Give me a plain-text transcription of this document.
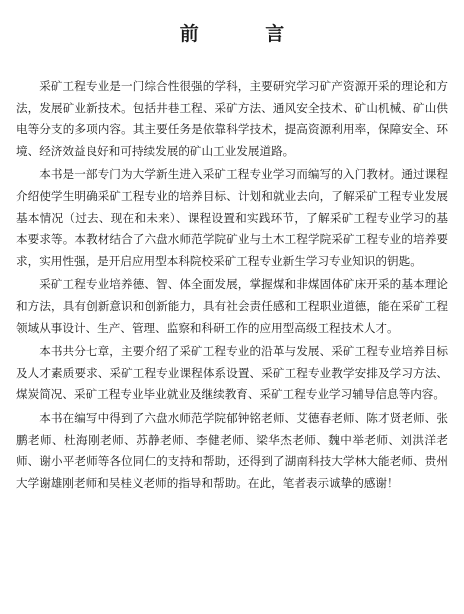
前 言

采矿工程专业是一门综合性很强的学科，主要研究学习矿产资源开采的理论和方法，发展矿业新技术。包括井巷工程、采矿方法、通风安全技术、矿山机械、矿山供电等分支的多项内容。其主要任务是依靠科学技术，提高资源利用率，保障安全、环境、经济效益良好和可持续发展的矿山工业发展道路。

本书是一部专门为大学新生进入采矿工程专业学习而编写的入门教材。通过课程介绍使学生明确采矿工程专业的培养目标、计划和就业去向，了解采矿工程专业发展基本情况（过去、现在和未来）、课程设置和实践环节，了解采矿工程专业学习的基本要求等。本教材结合了六盘水师范学院矿业与土木工程学院采矿工程专业的培养要求，实用性强，是开启应用型本科院校采矿工程专业新生学习专业知识的钥匙。

采矿工程专业培养德、智、体全面发展，掌握煤和非煤固体矿床开采的基本理论和方法，具有创新意识和创新能力，具有社会责任感和工程职业道德，能在采矿工程领域从事设计、生产、管理、监察和科研工作的应用型高级工程技术人才。

本书共分七章，主要介绍了采矿工程专业的沿革与发展、采矿工程专业培养目标及人才素质要求、采矿工程专业课程体系设置、采矿工程专业教学安排及学习方法、煤炭简况、采矿工程专业毕业就业及继续教育、采矿工程专业学习辅导信息等内容。

本书在编写中得到了六盘水师范学院郁钟铭老师、艾德春老师、陈才贤老师、张鹏老师、杜海刚老师、苏静老师、李健老师、梁华杰老师、魏中举老师、刘洪洋老师、谢小平老师等各位同仁的支持和帮助，还得到了湖南科技大学林大能老师、贵州大学谢雄刚老师和吴桂义老师的指导和帮助。在此，笔者表示诚挚的感谢！
